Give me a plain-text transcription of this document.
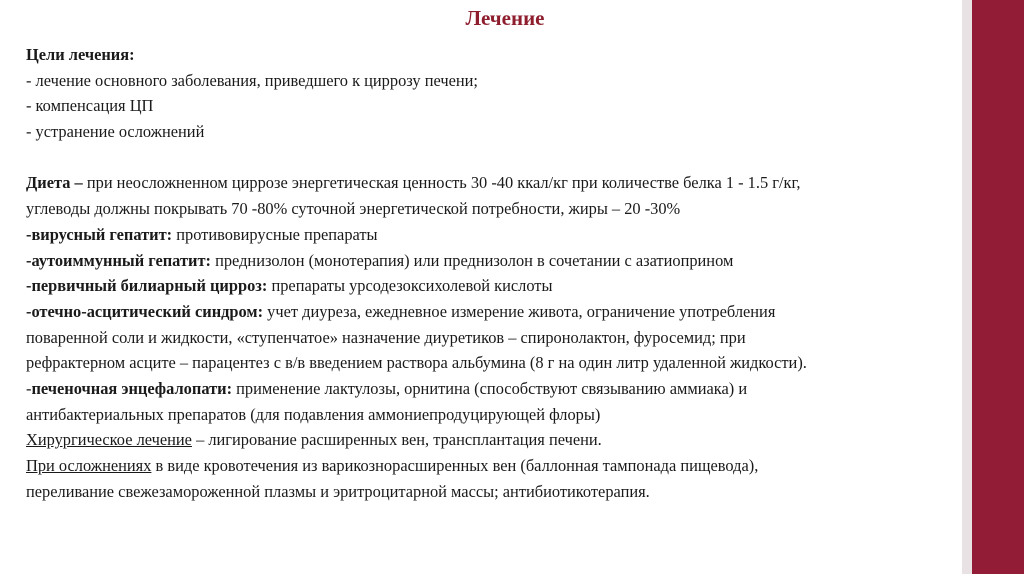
Лечение
Цели лечения:
- лечение основного заболевания, приведшего к циррозу печени;
- компенсация ЦП
- устранение осложнений
Диета – при неосложненном циррозе энергетическая ценность 30 -40 ккал/кг при количестве белка 1 - 1.5 г/кг,
углеводы должны покрывать 70 -80% суточной энергетической потребности, жиры – 20 -30%
-вирусный гепатит: противовирусные препараты
-аутоиммунный гепатит: преднизолон (монотерапия) или преднизолон в сочетании с азатиоприном
-первичный билиарный цирроз: препараты урсодезоксихолевой кислоты
-отечно-асцитический синдром: учет диуреза, ежедневное измерение живота, ограничение употребления
поваренной соли и жидкости, «ступенчатое» назначение диуретиков – спиронолактон, фуросемид; при
рефрактерном асците – парацентез с в/в введением раствора альбумина (8 г на один литр удаленной жидкости).
-печеночная энцефалопати: применение лактулозы, орнитина (способствуют связыванию аммиака) и
антибактериальных препаратов (для подавления аммониепродуцирующей флоры)
Хирургическое лечение – лигирование расширенных вен, трансплантация печени.
При осложнениях в виде кровотечения из варикознорасширенных вен (баллонная тампонада пищевода),
переливание свежезамороженной плазмы и эритроцитарной массы; антибиотикотерапия.
